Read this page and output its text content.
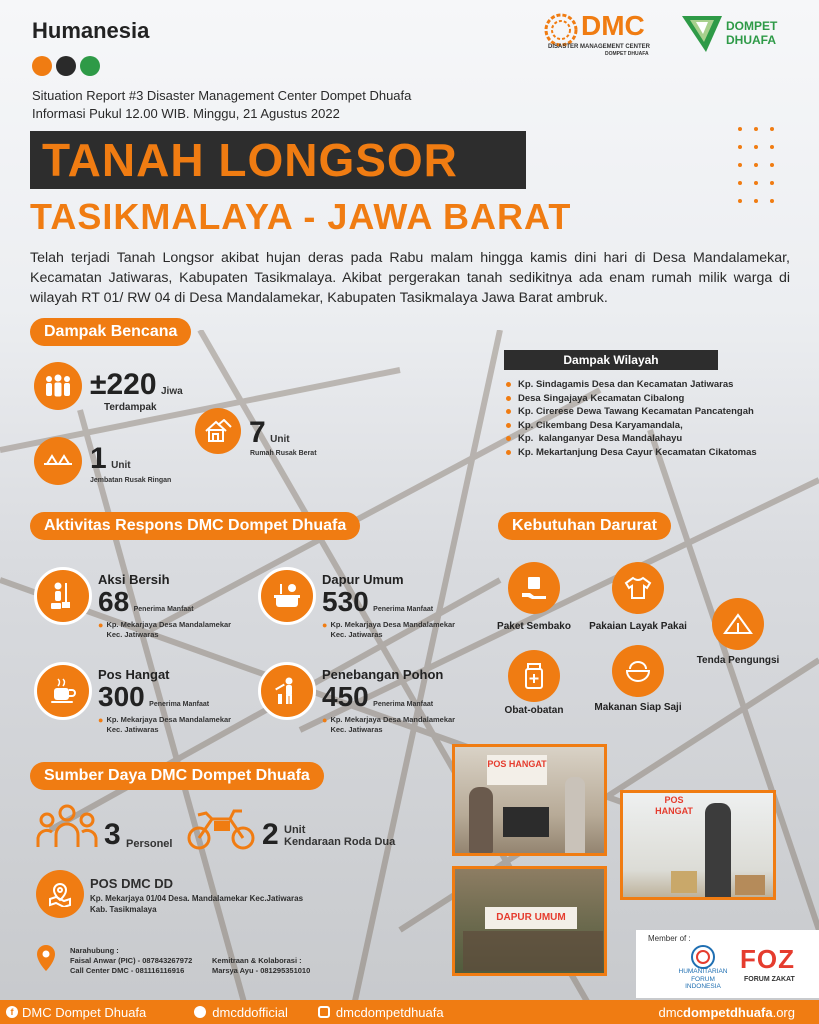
Humanesia	DMC
DISASTER MANAGEMENT CENTER
DOMPET DHUAFA
DOMPET
DHUAFA
Situation Report #3 Disaster Management Center Dompet Dhuafa
Informasi Pukul 12.00 WIB. Minggu, 21 Agustus 2022
TANAH LONGSOR
TASIKMALAYA - JAWA BARAT
Telah terjadi Tanah Longsor akibat hujan deras pada Rabu malam hingga kamis dini hari di Desa Mandalamekar, Kecamatan Jatiwaras, Kabupaten Tasikmalaya. Akibat pergerakan tanah sedikitnya ada enam rumah milik warga di wilayah RT 01/ RW 04 di Desa Mandalamekar, Kabupaten Tasikmalaya Jawa Barat ambruk.
Dampak Bencana
±220 Jiwa
Terdampak
7 Unit
Rumah Rusak Berat
1 Unit
Jembatan Rusak Ringan
Dampak Wilayah
Kp. Sindagamis Desa dan Kecamatan Jatiwaras
Desa Singajaya Kecamatan Cibalong
Kp. Cirerese Dewa Tawang Kecamatan Pancatengah
Kp. Cikembang Desa Karyamandala,
Kp.  kalanganyar Desa Mandalahayu
Kp. Mekartanjung Desa Cayur Kecamatan Cikatomas
Aktivitas Respons DMC Dompet Dhuafa
Aksi Bersih
68 Penerima Manfaat
● Kp. Mekarjaya Desa Mandalamekar
Kec. Jatiwaras
Dapur Umum
530 Penerima Manfaat
● Kp. Mekarjaya Desa Mandalamekar
Kec. Jatiwaras
Pos Hangat
300 Penerima Manfaat
● Kp. Mekarjaya Desa Mandalamekar
Kec. Jatiwaras
Penebangan Pohon
450 Penerima Manfaat
● Kp. Mekarjaya Desa Mandalamekar
Kec. Jatiwaras
Kebutuhan Darurat
Paket Sembako	Pakaian Layak Pakai
Tenda Pengungsi
Obat-obatan	Makanan Siap Saji
Sumber Daya DMC Dompet Dhuafa
3 Personel	2 Unit
Kendaraan Roda Dua
POS DMC DD
Kp. Mekarjaya 01/04 Desa. Mandalamekar Kec.Jatiwaras
Kab. Tasikmalaya
Narahubung :
Faisal Anwar (PIC) - 087843267972
Call Center DMC - 081116116916
Kemitraan & Kolaborasi :
Marsya Ayu - 081295351010
POS HANGAT
POS HANGAT
DAPUR UMUM
Member of :
HUMANITARIAN
FORUM
INDONESIA
FOZ
FORUM ZAKAT
f DMC Dompet Dhuafa	dmcddofficial	dmcdompetdhuafa	dmc dompetdhuafa .org
